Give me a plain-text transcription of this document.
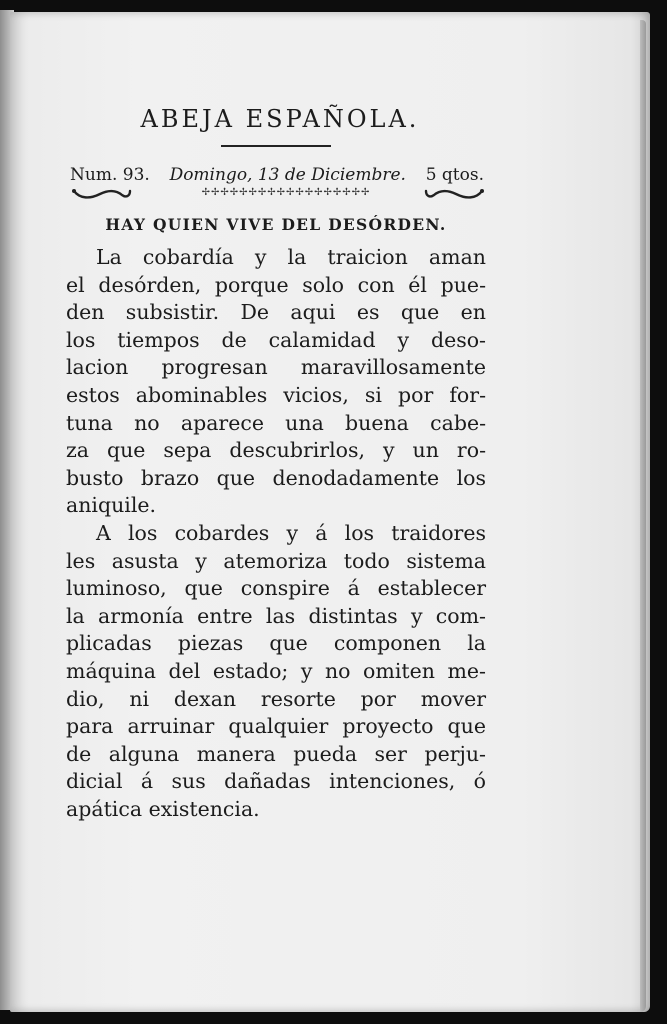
ABEJA ESPAÑOLA.
Num. 93. Domingo, 13 de Diciembre. 5 qtos.
✢✢✢✢✢✢✢✢✢✢✢✢✢✢✢✢✢✢
HAY QUIEN VIVE DEL DESÓRDEN.
La cobardía y la traicion aman
el desórden, porque solo con él pue-
den subsistir. De aqui es que en
los tiempos de calamidad y deso-
lacion progresan maravillosamente
estos abominables vicios, si por for-
tuna no aparece una buena cabe-
za que sepa descubrirlos, y un ro-
busto brazo que denodadamente los
aniquile.
A los cobardes y á los traidores
les asusta y atemoriza todo sistema
luminoso, que conspire á establecer
la armonía entre las distintas y com-
plicadas piezas que componen la
máquina del estado; y no omiten me-
dio, ni dexan resorte por mover
para arruinar qualquier proyecto que
de alguna manera pueda ser perju-
dicial á sus dañadas intenciones, ó
apática existencia.
